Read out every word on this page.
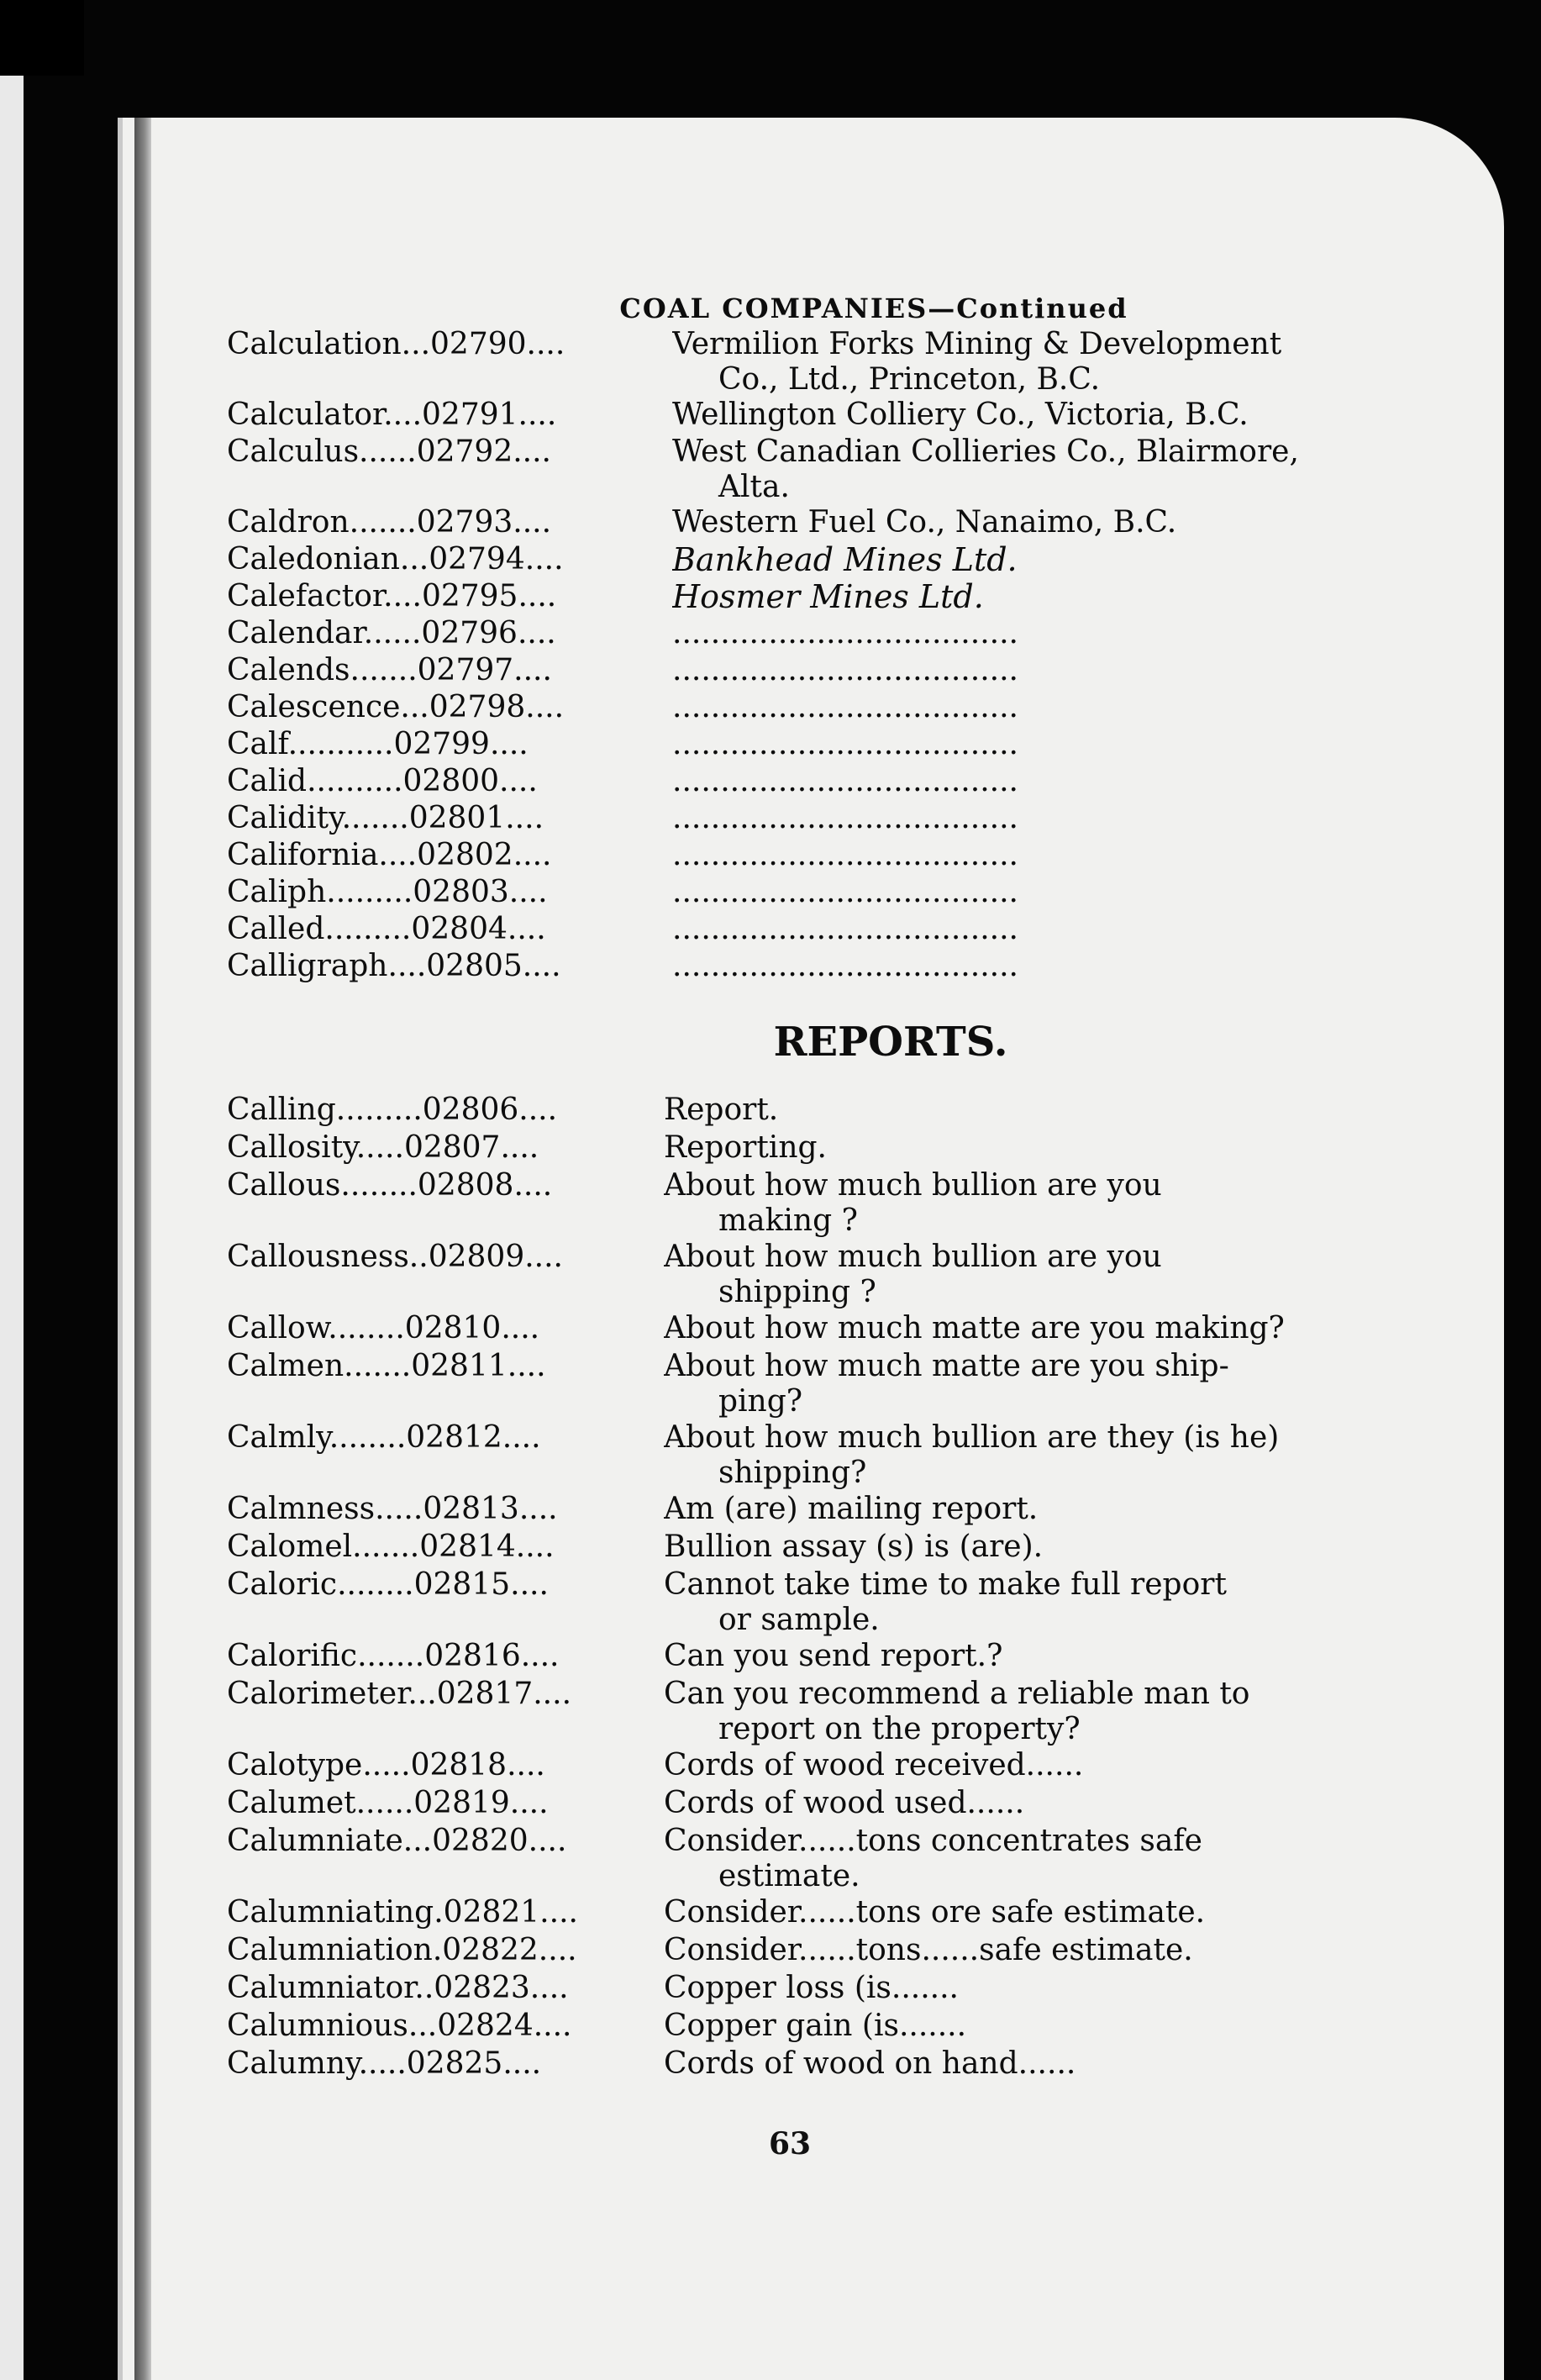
COAL COMPANIES—Continued
Calculation...02790....	Vermilion Forks Mining & Development
Co., Ltd., Princeton, B.C.
Calculator....02791....	Wellington Colliery Co., Victoria, B.C.
Calculus......02792....	West Canadian Collieries Co., Blairmore,
Alta.
Caldron.......02793....	Western Fuel Co., Nanaimo, B.C.
Caledonian...02794....	Bankhead Mines Ltd.
Calefactor....02795....	Hosmer Mines Ltd.
Calendar......02796....	....................................
Calends.......02797....	....................................
Calescence...02798....	....................................
Calf...........02799....	....................................
Calid..........02800....	....................................
Calidity.......02801....	....................................
California....02802....	....................................
Caliph.........02803....	....................................
Called.........02804....	....................................
Calligraph....02805....	....................................
REPORTS.
Calling.........02806....	Report.
Callosity.....02807....	Reporting.
Callous........02808....	About how much bullion are you
making ?
Callousness..02809....	About how much bullion are you
shipping ?
Callow........02810....	About how much matte are you making?
Calmen.......02811....	About how much matte are you ship-
ping?
Calmly........02812....	About how much bullion are they (is he)
shipping?
Calmness.....02813....	Am (are) mailing report.
Calomel.......02814....	Bullion assay (s) is (are).
Caloric........02815....	Cannot take time to make full report
or sample.
Calorific.......02816....	Can you send report.?
Calorimeter...02817....	Can you recommend a reliable man to
report on the property?
Calotype.....02818....	Cords of wood received......
Calumet......02819....	Cords of wood used......
Calumniate...02820....	Consider......tons concentrates safe
estimate.
Calumniating.02821....	Consider......tons ore safe estimate.
Calumniation.02822....	Consider......tons......safe estimate.
Calumniator..02823....	Copper loss (is.......
Calumnious...02824....	Copper gain (is.......
Calumny.....02825....	Cords of wood on hand......
63
